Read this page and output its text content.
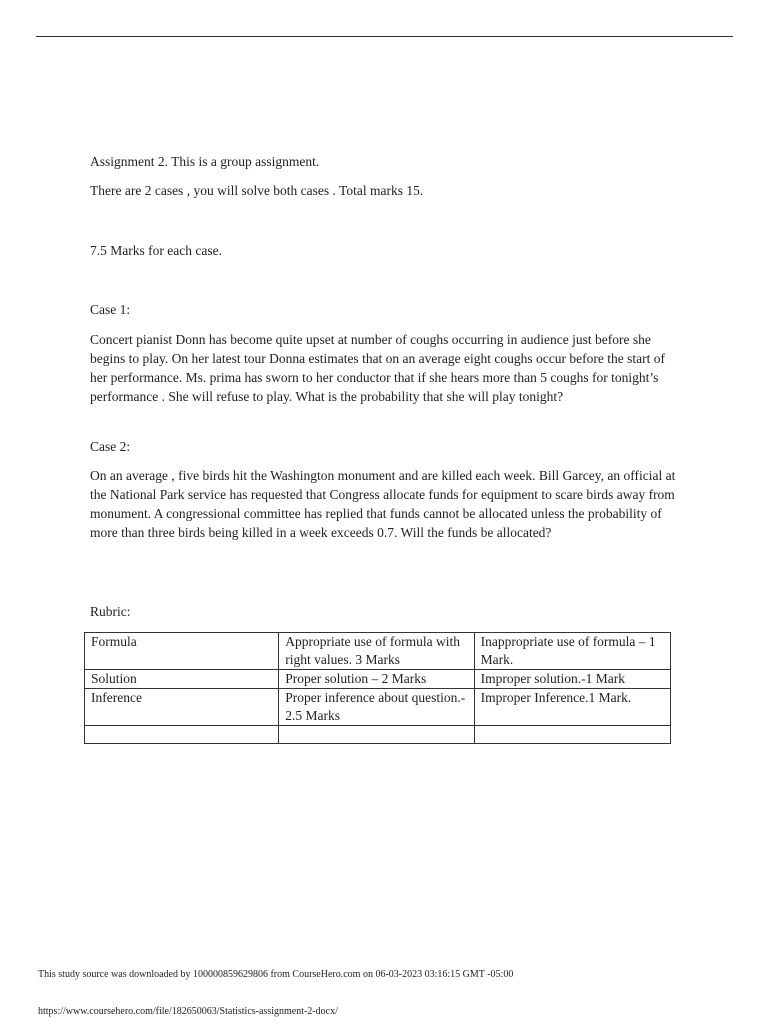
Assignment 2. This is a group assignment.

There are 2 cases , you will solve both cases . Total marks 15.

7.5 Marks for each case.

Case 1:

Concert pianist Donn has become quite upset at number of coughs occurring in audience just before she begins to play. On her latest tour Donna estimates that on an average eight coughs occur before the start of her performance. Ms. prima has sworn to her conductor that if she hears more than 5 coughs for tonight’s performance . She will refuse to play. What is the probability that she will play tonight?

Case 2:

On an average , five birds hit the Washington monument and are killed each week. Bill Garcey, an official at the National Park service has requested that Congress allocate funds for equipment to scare birds away from monument. A congressional committee has replied that funds cannot be allocated unless the probability of more than three birds being killed in a week exceeds 0.7. Will the funds be allocated?

Rubric:

Formula	Appropriate use of formula with right values. 3 Marks	Inappropriate use of formula – 1 Mark.
Solution	Proper solution – 2 Marks	Improper solution.-1 Mark
Inference	Proper inference about question.- 2.5 Marks	Improper Inference.1 Mark.

This study source was downloaded by 100000859629806 from CourseHero.com on 06-03-2023 03:16:15 GMT -05:00
https://www.coursehero.com/file/182650063/Statistics-assignment-2-docx/
